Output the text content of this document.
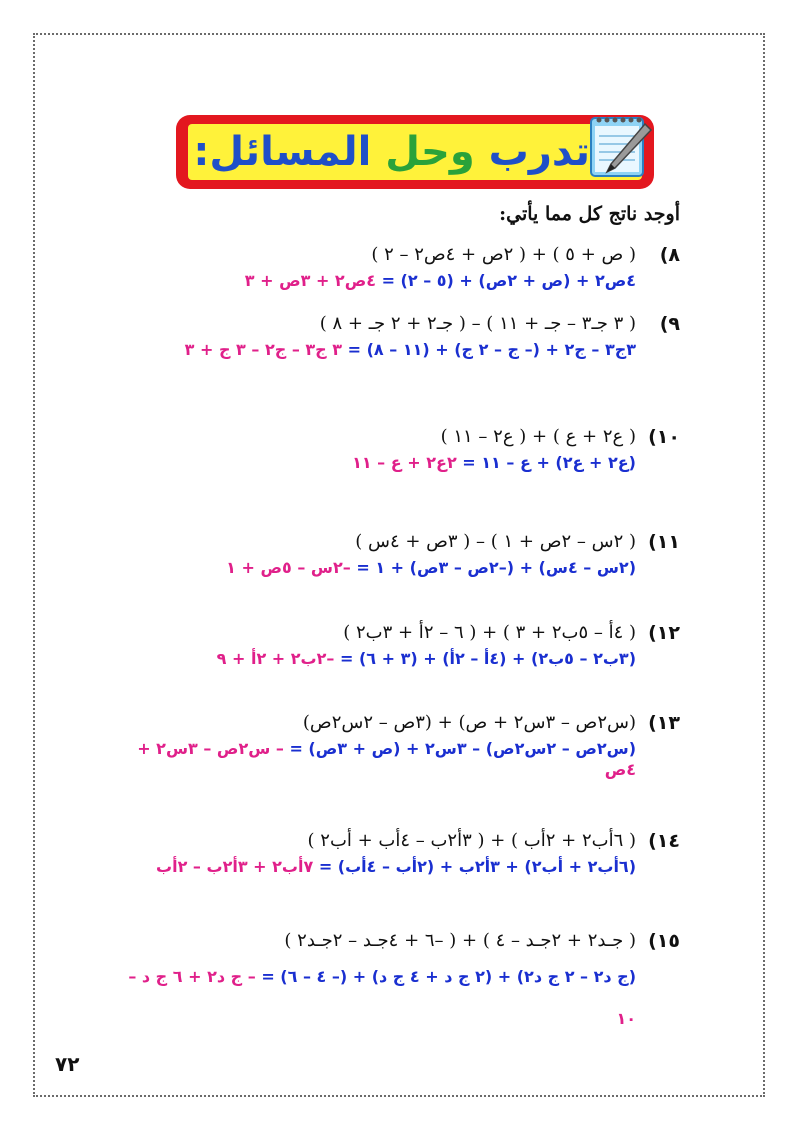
تدرب وحل المسائل:
أوجد ناتج كل مما يأتي:
٨)
( ص + ٥ ) + ( ٢ص + ٤ص٢ – ٢ )
٤ص٢ + (ص + ٢ص) + (٥ – ٢) = ٤ص٢ + ٣ص + ٣
٩)
( ٣ جـ٣ – جـ + ١١ ) – ( جـ٢ + ٢ جـ + ٨ )
٣ج٣ – ج٢ + (– ج – ٢ ج) + (١١ – ٨) = ٣ ج٣ – ج٢ – ٣ ج + ٣
١٠)
( ع٢ + ع ) + ( ع٢ – ١١ )
(ع٢ + ع٢) + ع – ١١ = ٢ع٢ + ع – ١١
١١)
( ٢س – ٢ص + ١ ) – ( ٣ص + ٤س )
(٢س – ٤س) + (–٢ص – ٣ص) + ١ = –٢س – ٥ص + ١
١٢)
( ٤أ – ٥ب٢ + ٣ ) + ( ٦ – ٢أ + ٣ب٢ )
(٣ب٢ – ٥ب٢) + (٤أ – ٢أ) + (٣ + ٦) = –٢ب٢ + ٢أ + ٩
١٣)
(س٢ص – ٣س٢ + ص) + (٣ص – ٢س٢ص)
(س٢ص – ٢س٢ص) – ٣س٢ + (ص + ٣ص) = – س٢ص – ٣س٢ + ٤ص
١٤)
( ٦أب٢ + ٢أب ) + ( ٣أ٢ب – ٤أب + أب٢ )
(٦أب٢ + أب٢) + ٣أ٢ب + (٢أب – ٤أب) = ٧أب٢ + ٣أ٢ب – ٢أب
١٥)
( جـد٢ + ٢جـد – ٤ ) + ( –٦ + ٤جـد – ٢جـد٢ )
(ج د٢ – ٢ ج د٢) + (٢ ج د + ٤ ج د) + (– ٤ – ٦) = – ج د٢ + ٦ ج د – ١٠
٧٢
